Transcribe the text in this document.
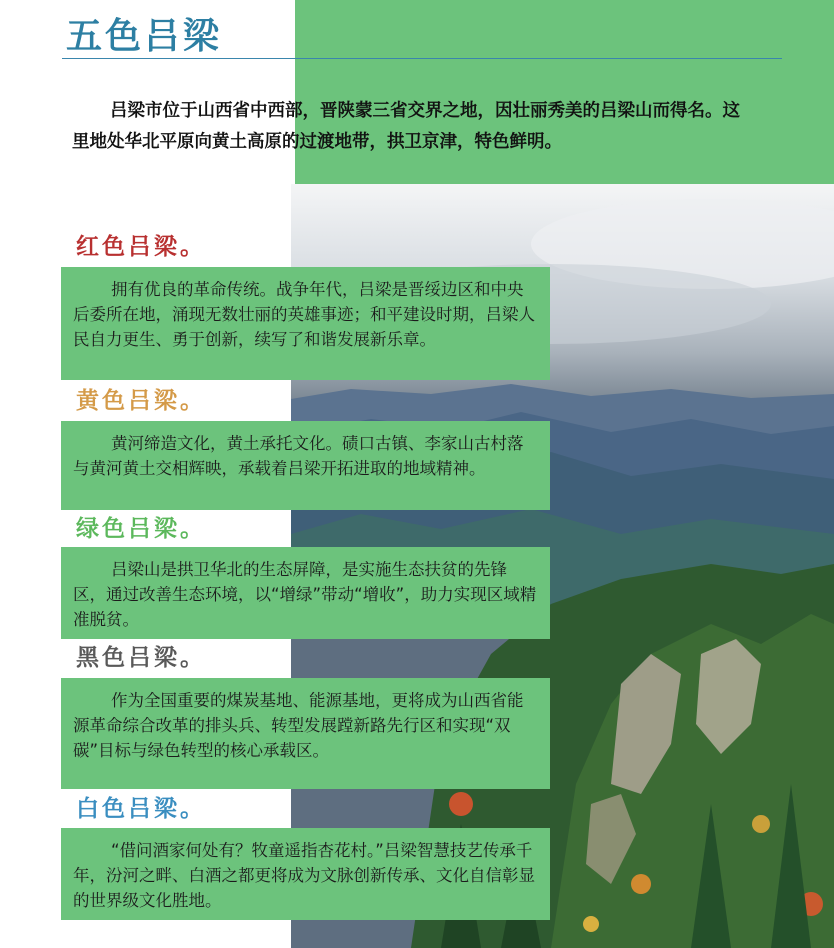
五色吕梁

吕梁市位于山西省中西部，晋陕蒙三省交界之地，因壮丽秀美的吕梁山而得名。这里地处华北平原向黄土高原的过渡地带，拱卫京津，特色鲜明。

红色吕梁。

拥有优良的革命传统。战争年代，吕梁是晋绥边区和中央后委所在地，涌现无数壮丽的英雄事迹；和平建设时期，吕梁人民自力更生、勇于创新，续写了和谐发展新乐章。

黄色吕梁。

黄河缔造文化，黄土承托文化。碛口古镇、李家山古村落与黄河黄土交相辉映，承载着吕梁开拓进取的地域精神。

绿色吕梁。

吕梁山是拱卫华北的生态屏障，是实施生态扶贫的先锋区，通过改善生态环境，以“增绿”带动“增收”，助力实现区域精准脱贫。

黑色吕梁。

作为全国重要的煤炭基地、能源基地，更将成为山西省能源革命综合改革的排头兵、转型发展蹚新路先行区和实现“双碳”目标与绿色转型的核心承载区。

白色吕梁。

“借问酒家何处有？牧童遥指杏花村。”吕梁智慧技艺传承千年，汾河之畔、白酒之都更将成为文脉创新传承、文化自信彰显的世界级文化胜地。
